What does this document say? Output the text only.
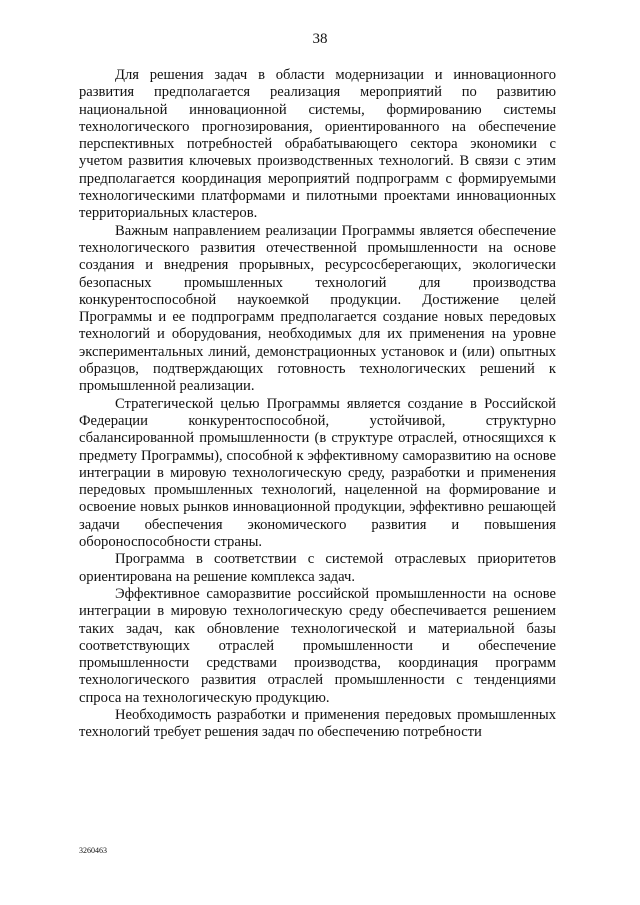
38

Для решения задач в области модернизации и инновационного развития предполагается реализация мероприятий по развитию национальной инновационной системы, формированию системы технологического прогнозирования, ориентированного на обеспечение перспективных потребностей обрабатывающего сектора экономики с учетом развития ключевых производственных технологий. В связи с этим предполагается координация мероприятий подпрограмм с формируемыми технологическими платформами и пилотными проектами инновационных территориальных кластеров.

Важным направлением реализации Программы является обеспечение технологического развития отечественной промышленности на основе создания и внедрения прорывных, ресурсосберегающих, экологически безопасных промышленных технологий для производства конкурентоспособной наукоемкой продукции. Достижение целей Программы и ее подпрограмм предполагается создание новых передовых технологий и оборудования, необходимых для их применения на уровне экспериментальных линий, демонстрационных установок и (или) опытных образцов, подтверждающих готовность технологических решений к промышленной реализации.

Стратегической целью Программы является создание в Российской Федерации конкурентоспособной, устойчивой, структурно сбалансированной промышленности (в структуре отраслей, относящихся к предмету Программы), способной к эффективному саморазвитию на основе интеграции в мировую технологическую среду, разработки и применения передовых промышленных технологий, нацеленной на формирование и освоение новых рынков инновационной продукции, эффективно решающей задачи обеспечения экономического развития и повышения обороноспособности страны.

Программа в соответствии с системой отраслевых приоритетов ориентирована на решение комплекса задач.

Эффективное саморазвитие российской промышленности на основе интеграции в мировую технологическую среду обеспечивается решением таких задач, как обновление технологической и материальной базы соответствующих отраслей промышленности и обеспечение промышленности средствами производства, координация программ технологического развития отраслей промышленности с тенденциями спроса на технологическую продукцию.

Необходимость разработки и применения передовых промышленных технологий требует решения задач по обеспечению потребности

3260463
